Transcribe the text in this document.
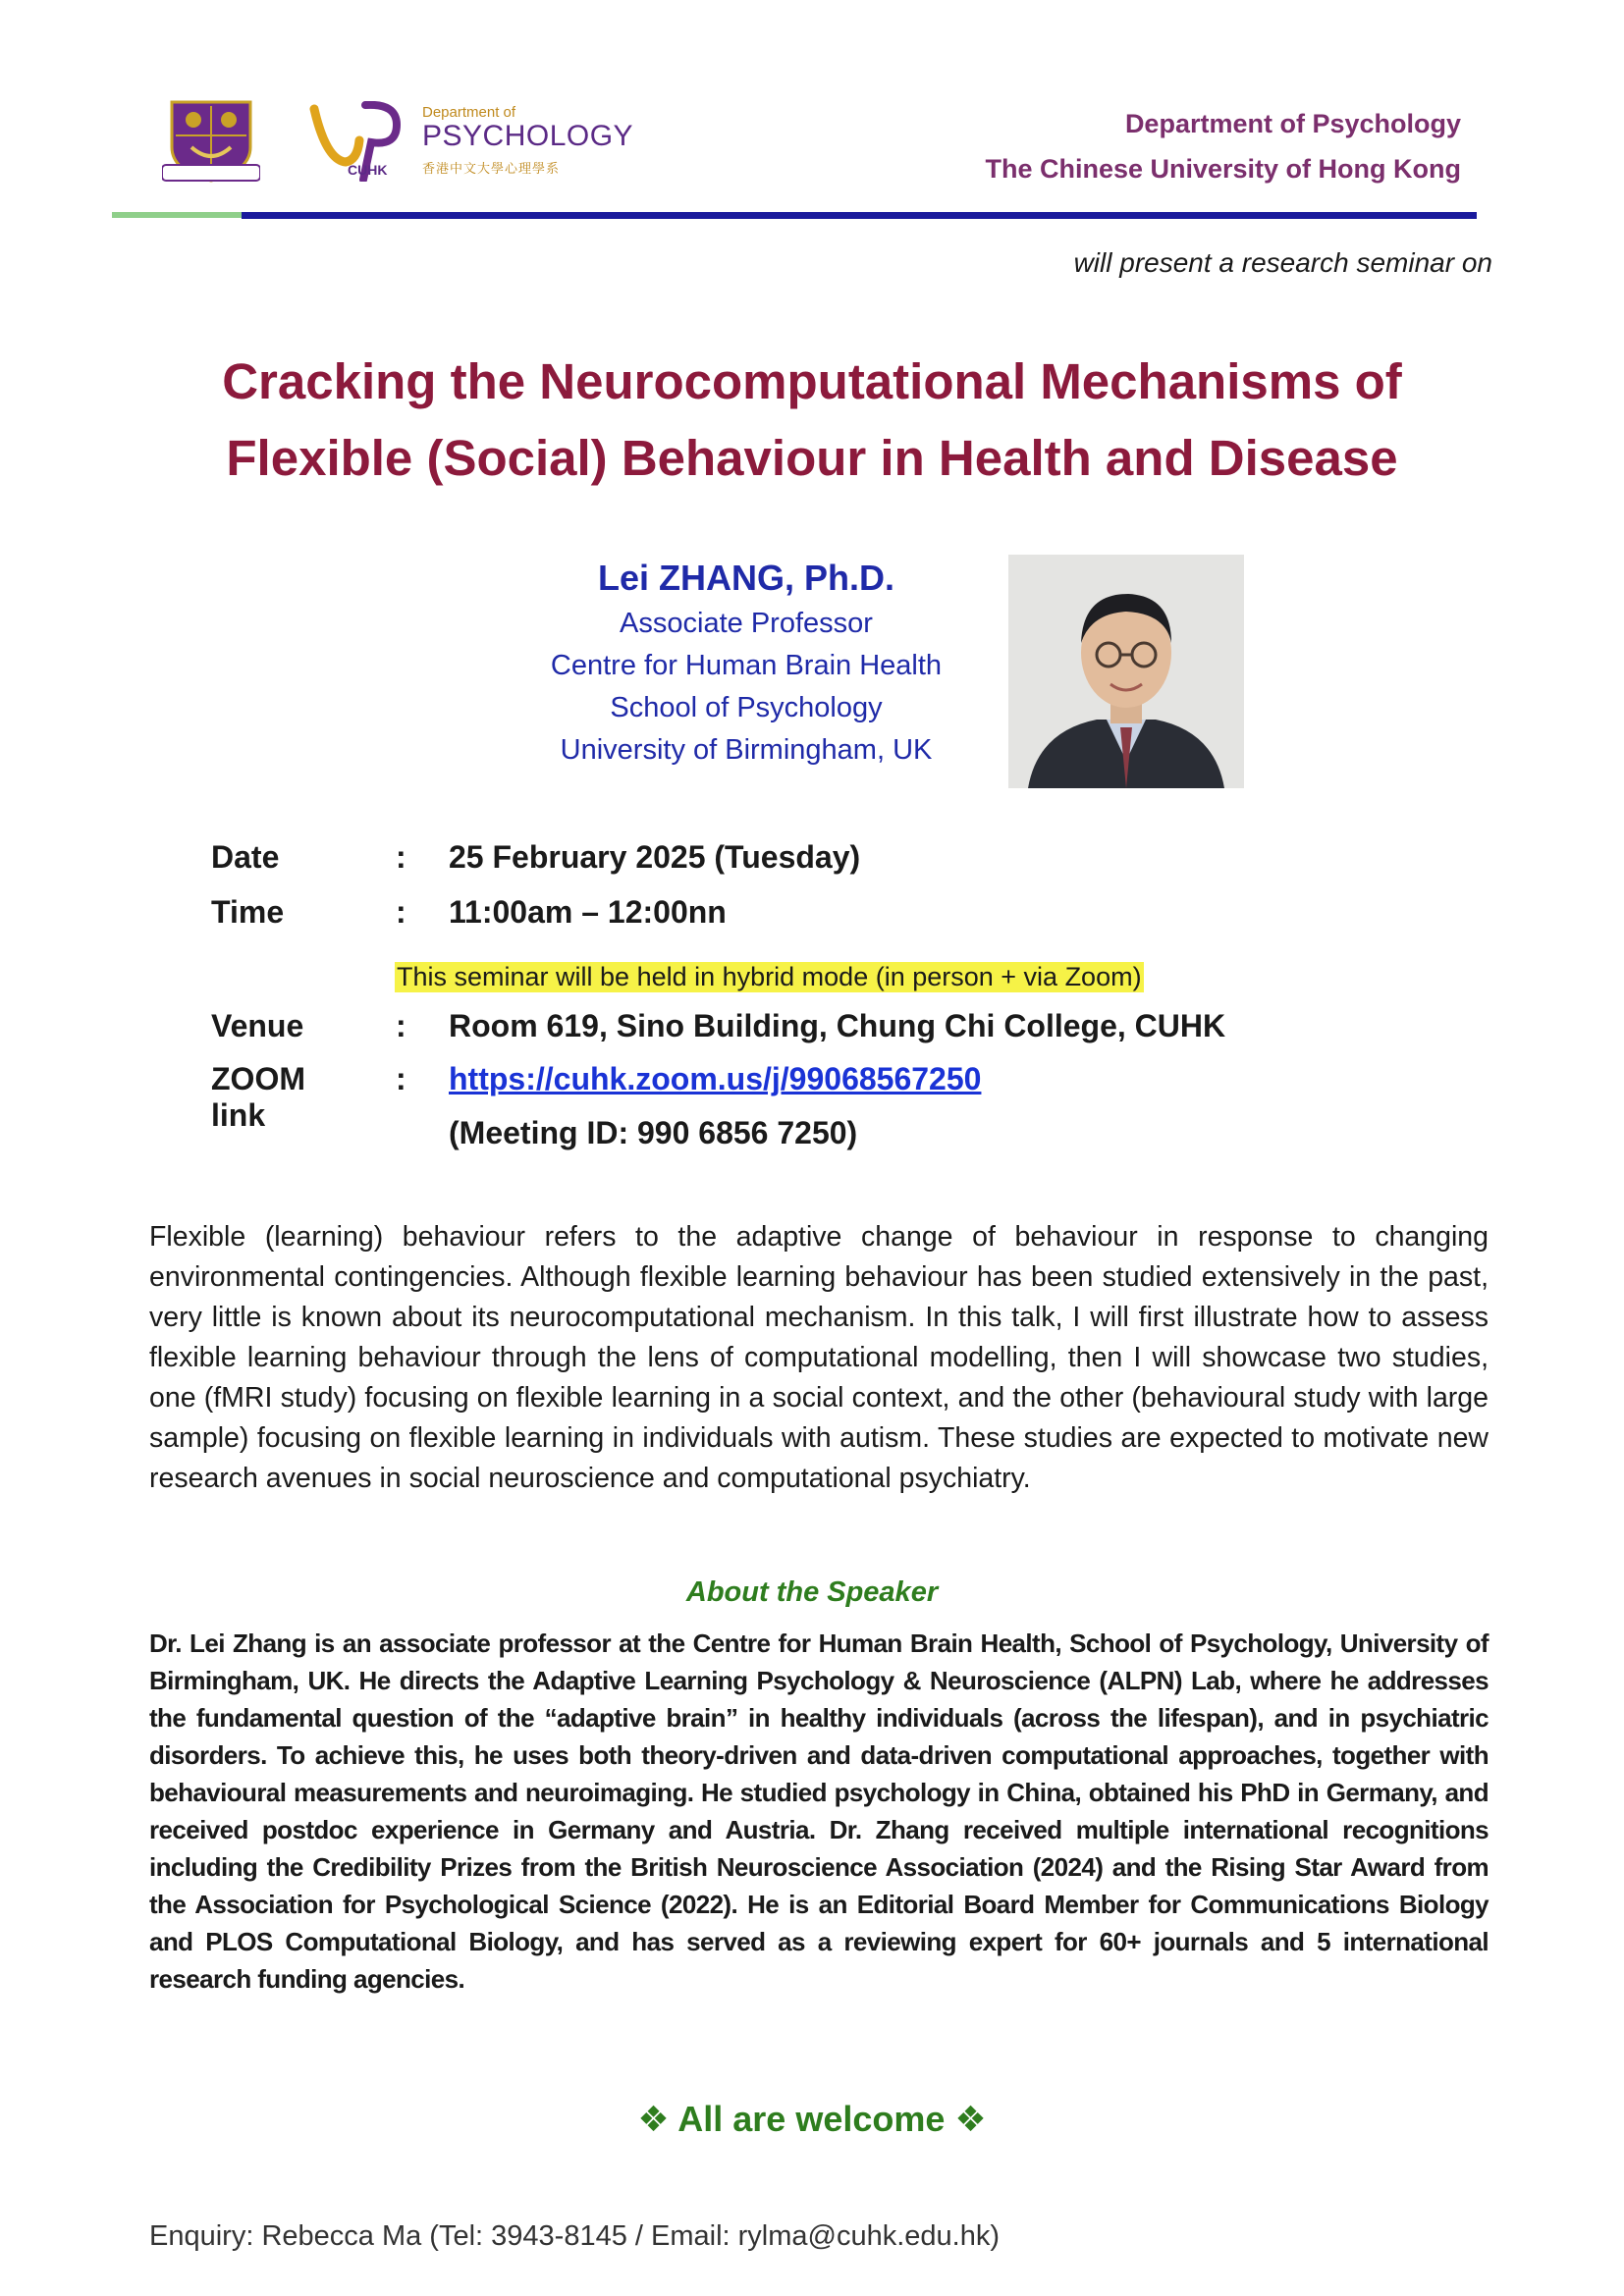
CUHK
Department of
PSYCHOLOGY
香港中文大學心理學系
Department of Psychology
The Chinese University of Hong Kong
will present a research seminar on
Cracking the Neurocomputational Mechanisms of
Flexible (Social) Behaviour in Health and Disease
Lei ZHANG, Ph.D.
Associate Professor
Centre for Human Brain Health
School of Psychology
University of Birmingham, UK
Date	: 25 February 2025 (Tuesday)
Time	: 11:00am – 12:00nn
This seminar will be held in hybrid mode (in person + via Zoom)
Venue	: Room 619, Sino Building, Chung Chi College, CUHK
ZOOM link
: https://cuhk.zoom.us/j/99068567250
(Meeting ID: 990 6856 7250)
Flexible (learning) behaviour refers to the adaptive change of behaviour in response to changing environmental contingencies. Although flexible learning behaviour has been studied extensively in the past, very little is known about its neurocomputational mechanism. In this talk, I will first illustrate how to assess flexible learning behaviour through the lens of computational modelling, then I will showcase two studies, one (fMRI study) focusing on flexible learning in a social context, and the other (behavioural study with large sample) focusing on flexible learning in individuals with autism. These studies are expected to motivate new research avenues in social neuroscience and computational psychiatry.
About the Speaker
Dr. Lei Zhang is an associate professor at the Centre for Human Brain Health, School of Psychology, University of Birmingham, UK. He directs the Adaptive Learning Psychology & Neuroscience (ALPN) Lab, where he addresses the fundamental question of the “adaptive brain” in healthy individuals (across the lifespan), and in psychiatric disorders. To achieve this, he uses both theory-driven and data-driven computational approaches, together with behavioural measurements and neuroimaging. He studied psychology in China, obtained his PhD in Germany, and received postdoc experience in Germany and Austria. Dr. Zhang received multiple international recognitions including the Credibility Prizes from the British Neuroscience Association (2024) and the Rising Star Award from the Association for Psychological Science (2022). He is an Editorial Board Member for Communications Biology and PLOS Computational Biology, and has served as a reviewing expert for 60+ journals and 5 international research funding agencies.
❖ All are welcome ❖
Enquiry: Rebecca Ma (Tel: 3943-8145 / Email: rylma@cuhk.edu.hk)
